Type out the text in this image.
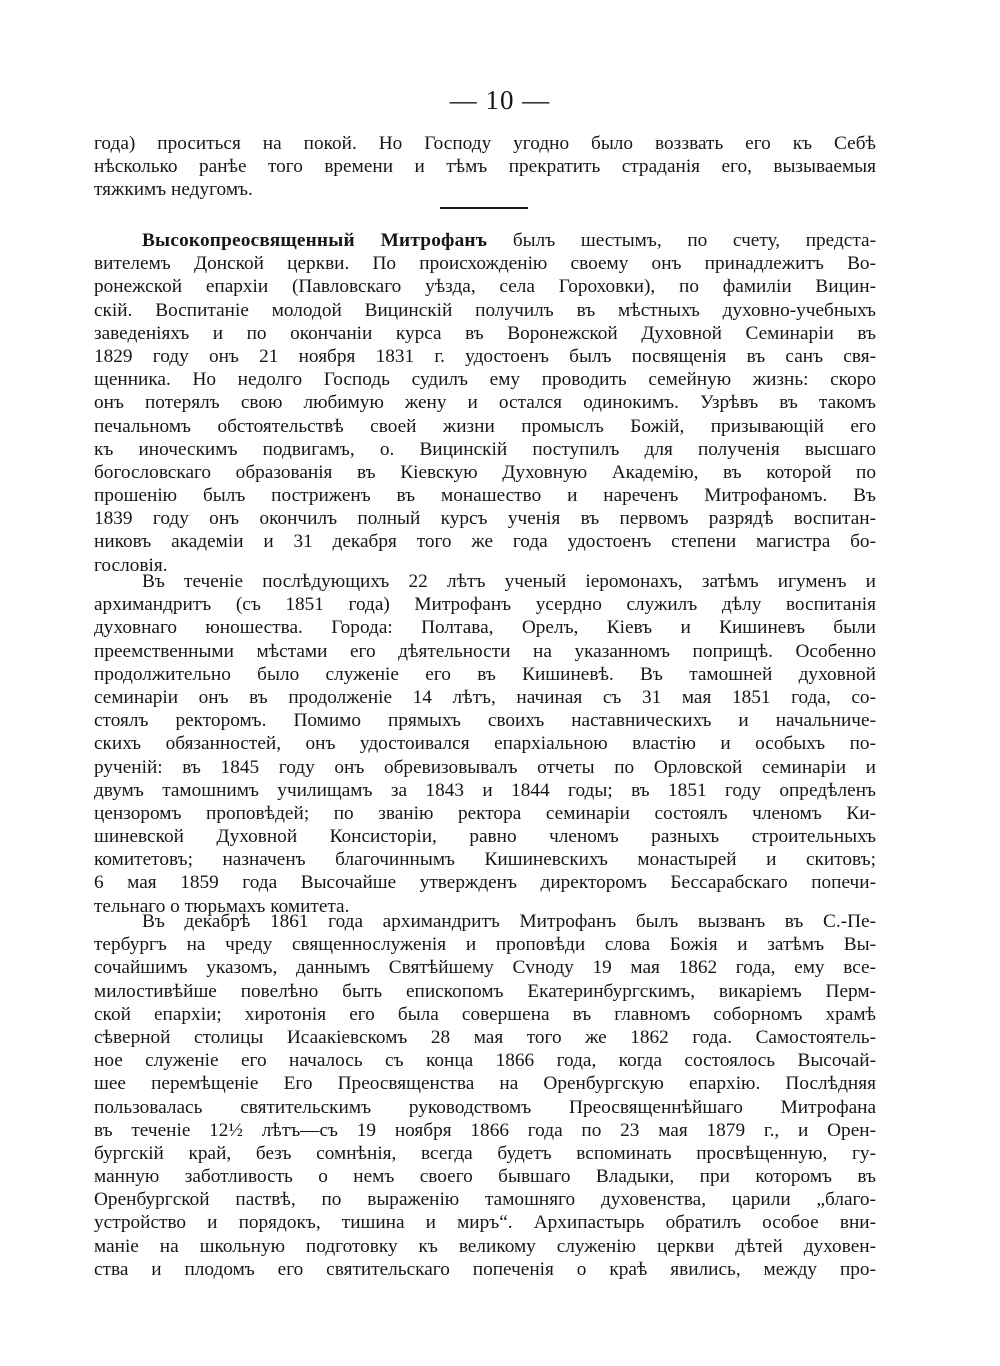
— 10 —
года) проситься на покой. Но Господу угодно было воззвать его къ Себѣ
нѣсколько ранѣе того времени и тѣмъ прекратить страданія его, вызываемыя
тяжкимъ недугомъ.
Высокопреосвященный Митрофанъ былъ шестымъ, по счету, предста-
вителемъ Донской церкви. По происхожденію своему онъ принадлежитъ Во-
ронежской епархіи (Павловскаго уѣзда, села Гороховки), по фамиліи Вицин-
скій. Воспитаніе молодой Вицинскій получилъ въ мѣстныхъ духовно-учебныхъ
заведеніяхъ и по окончаніи курса въ Воронежской Духовной Семинаріи въ
1829 году онъ 21 ноября 1831 г. удостоенъ былъ посвященія въ санъ свя-
щенника. Но недолго Господь судилъ ему проводить семейную жизнь: скоро
онъ потерялъ свою любимую жену и остался одинокимъ. Узрѣвъ въ такомъ
печальномъ обстоятельствѣ своей жизни промыслъ Божій, призывающій его
къ иноческимъ подвигамъ, о. Вицинскій поступилъ для полученія высшаго
богословскаго образованія въ Кіевскую Духовную Академію, въ которой по
прошенію былъ постриженъ въ монашество и нареченъ Митрофаномъ. Въ
1839 году онъ окончилъ полный курсъ ученія въ первомъ разрядѣ воспитан-
никовъ академіи и 31 декабря того же года удостоенъ степени магистра бо-
гословія.
Въ теченіе послѣдующихъ 22 лѣтъ ученый іеромонахъ, затѣмъ игуменъ и
архимандритъ (съ 1851 года) Митрофанъ усердно служилъ дѣлу воспитанія
духовнаго юношества. Города: Полтава, Орелъ, Кіевъ и Кишиневъ были
преемственными мѣстами его дѣятельности на указанномъ поприщѣ. Особенно
продолжительно было служеніе его въ Кишиневѣ. Въ тамошней духовной
семинаріи онъ въ продолженіе 14 лѣтъ, начиная съ 31 мая 1851 года, со-
стоялъ ректоромъ. Помимо прямыхъ своихъ наставническихъ и начальниче-
скихъ обязанностей, онъ удостоивался епархіальною властію и особыхъ по-
рученій: въ 1845 году онъ обревизовывалъ отчеты по Орловской семинаріи и
двумъ тамошнимъ училищамъ за 1843 и 1844 годы; въ 1851 году опредѣленъ
цензоромъ проповѣдей; по званію ректора семинаріи состоялъ членомъ Ки-
шиневской Духовной Консисторіи, равно членомъ разныхъ строительныхъ
комитетовъ; назначенъ благочиннымъ Кишиневскихъ монастырей и скитовъ;
6 мая 1859 года Высочайше утвержденъ директоромъ Бессарабскаго попечи-
тельнаго о тюрьмахъ комитета.
Въ декабрѣ 1861 года архимандритъ Митрофанъ былъ вызванъ въ С.-Пе-
тербургъ на чреду священнослуженія и проповѣди слова Божія и затѣмъ Вы-
сочайшимъ указомъ, даннымъ Святѣйшему Сvноду 19 мая 1862 года, ему все-
милостивѣйше повелѣно быть епископомъ Екатеринбургскимъ, викаріемъ Перм-
ской епархіи; хиротонія его была совершена въ главномъ соборномъ храмѣ
сѣверной столицы Исаакіевскомъ 28 мая того же 1862 года. Самостоятель-
ное служеніе его началось съ конца 1866 года, когда состоялось Высочай-
шее перемѣщеніе Его Преосвященства на Оренбургскую епархію. Послѣдняя
пользовалась святительскимъ руководствомъ Преосвященнѣйшаго Митрофана
въ теченіе 12½ лѣтъ—съ 19 ноября 1866 года по 23 мая 1879 г., и Орен-
бургскій край, безъ сомнѣнія, всегда будетъ вспоминать просвѣщенную, гу-
манную заботливость о немъ своего бывшаго Владыки, при которомъ въ
Оренбургской паствѣ, по выраженію тамошняго духовенства, царили „благо-
устройство и порядокъ, тишина и миръ“. Архипастырь обратилъ особое вни-
маніе на школьную подготовку къ великому служенію церкви дѣтей духовен-
ства и плодомъ его святительскаго попеченія о краѣ явились, между про-
